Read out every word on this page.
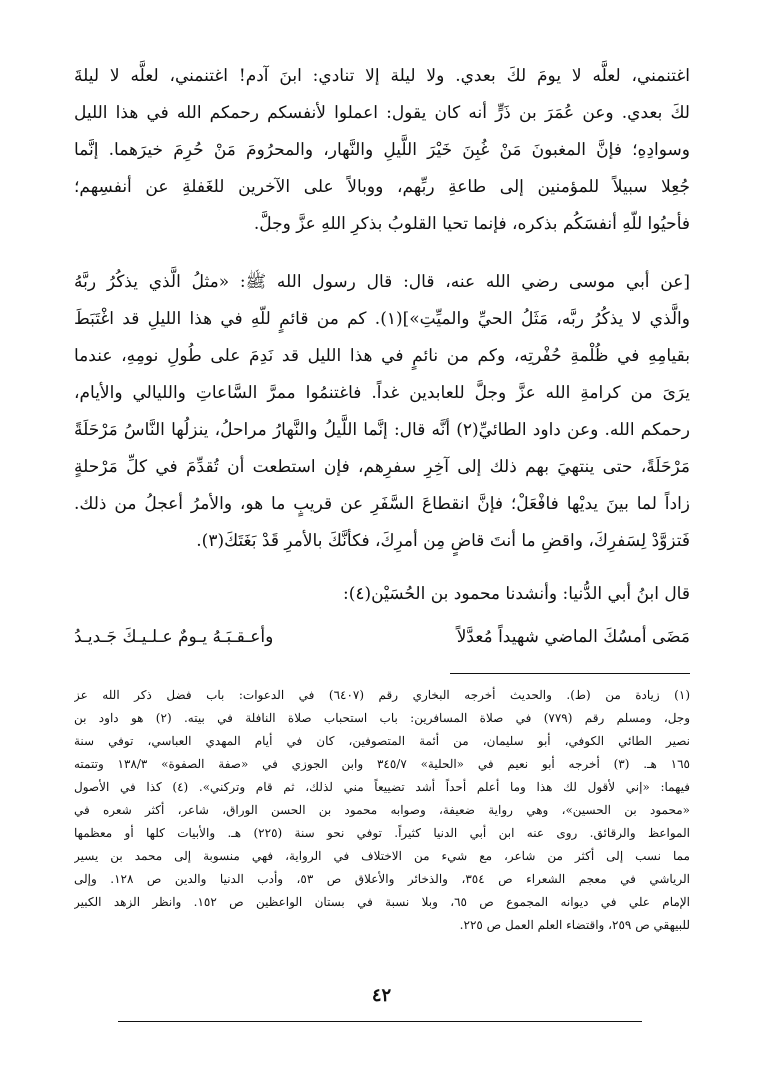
اغتنمني، لعلَّه لا يومَ لكَ بعدي. ولا ليلة إلا تنادي: ابنَ آدم! اغتنمني، لعلَّه لا ليلةَ
لكَ بعدي. وعن عُمَرَ بن ذَرٍّ أنه كان يقول: اعملوا لأنفسكم رحمكم الله في هذا الليل
وسوادِهِ؛ فإنَّ المغبونَ مَنْ غُبِنَ خَيْرَ اللَّيلِ والنَّهار، والمحرُومَ مَنْ حُرِمَ خيرَهما. إنَّما
جُعِلا سبيلاً للمؤمنين إلى طاعةِ ربِّهم، ووبالاً على الآخرين للغَفلةِ عن أنفسِهم؛
فأحيُوا للّهِ أنفسَكُم بذكره، فإنما تحيا القلوبُ بذكرِ اللهِ عزَّ وجلَّ.
[عن أبي موسى رضي الله عنه، قال: قال رسول الله ﷺ: «مثلُ الَّذي يذكُرُ ربَّهُ
والَّذي لا يذكُرُ ربَّه، مَثَلُ الحيِّ والميِّتِ»](١). كم من قائمٍ للّهِ في هذا الليلِ قد اغْتَبَطَ
بقيامِهِ في ظُلْمةِ حُفْرتِه، وكم من نائمٍ في هذا الليل قد نَدِمَ على طُولِ نومِهِ، عندما
يرَىَ من كرامةِ الله عزَّ وجلَّ للعابدين غداً. فاغتنمُوا ممرَّ السَّاعاتِ والليالي والأيام،
رحمكم الله. وعن داود الطائيِّ(٢) أنَّه قال: إنَّما اللَّيلُ والنَّهارُ مراحلُ، ينزلُها النَّاسُ مَرْحَلَةً
مَرْحَلَةً، حتى ينتهيَ بهم ذلك إلى آخِرِ سفرِهم، فإن استطعت أن تُقدِّمَ في كلِّ مَرْحلةٍ
زاداً لما بينَ يديْها فافْعَلْ؛ فإنَّ انقطاعَ السَّفَرِ عن قريبٍ ما هو، والأمرُ أعجلُ من ذلك.
فَتزوَّدْ لِسَفرِكَ، واقضِ ما أنتَ قاضٍ مِن أمرِكَ، فكأنَّكَ بالأمرِ قَدْ بَغَتَكَ(٣).
قال ابنُ أبي الدُّنيا: وأنشدنا محمود بن الحُسَيْن(٤):
مَضَى أمسُكَ الماضي شهيداً مُعدَّلاً
وأعـقـبَـهُ يـومٌ عـلـيـكَ جَـديـدُ
(١) زيادة من (ط). والحديث أخرجه البخاري رقم (٦٤٠٧) في الدعوات: باب فضل ذكر الله عز
وجل، ومسلم رقم (٧٧٩) في صلاة المسافرين: باب استحباب صلاة النافلة في بيته. (٢) هو داود بن
نصير الطائي الكوفي، أبو سليمان، من أئمة المتصوفين، كان في أيام المهدي العباسي، توفي سنة
١٦٥ هـ. (٣) أخرجه أبو نعيم في «الحلية» ٣٤٥/٧ وابن الجوزي في «صفة الصفوة» ١٣٨/٣ وتتمته
فيهما: «إني لأقول لك هذا وما أعلم أحداً أشد تضييعاً مني لذلك، ثم قام وتركني». (٤) كذا في الأصول
«محمود بن الحسين»، وهي رواية ضعيفة، وصوابه محمود بن الحسن الوراق، شاعر، أكثر شعره في
المواعظ والرقائق. روى عنه ابن أبي الدنيا كثيراً. توفي نحو سنة (٢٢٥) هـ. والأبيات كلها أو معظمها
مما نسب إلى أكثر من شاعر، مع شيء من الاختلاف في الرواية، فهي منسوبة إلى محمد بن يسير
الرياشي في معجم الشعراء ص ٣٥٤، والذخائر والأعلاق ص ٥٣، وأدب الدنيا والدين ص ١٢٨. وإلى
الإمام علي في ديوانه المجموع ص ٦٥، وبلا نسبة في بستان الواعظين ص ١٥٢. وانظر الزهد الكبير
للبيهقي ص ٢٥٩، واقتضاء العلم العمل ص ٢٢٥.
٤٢
